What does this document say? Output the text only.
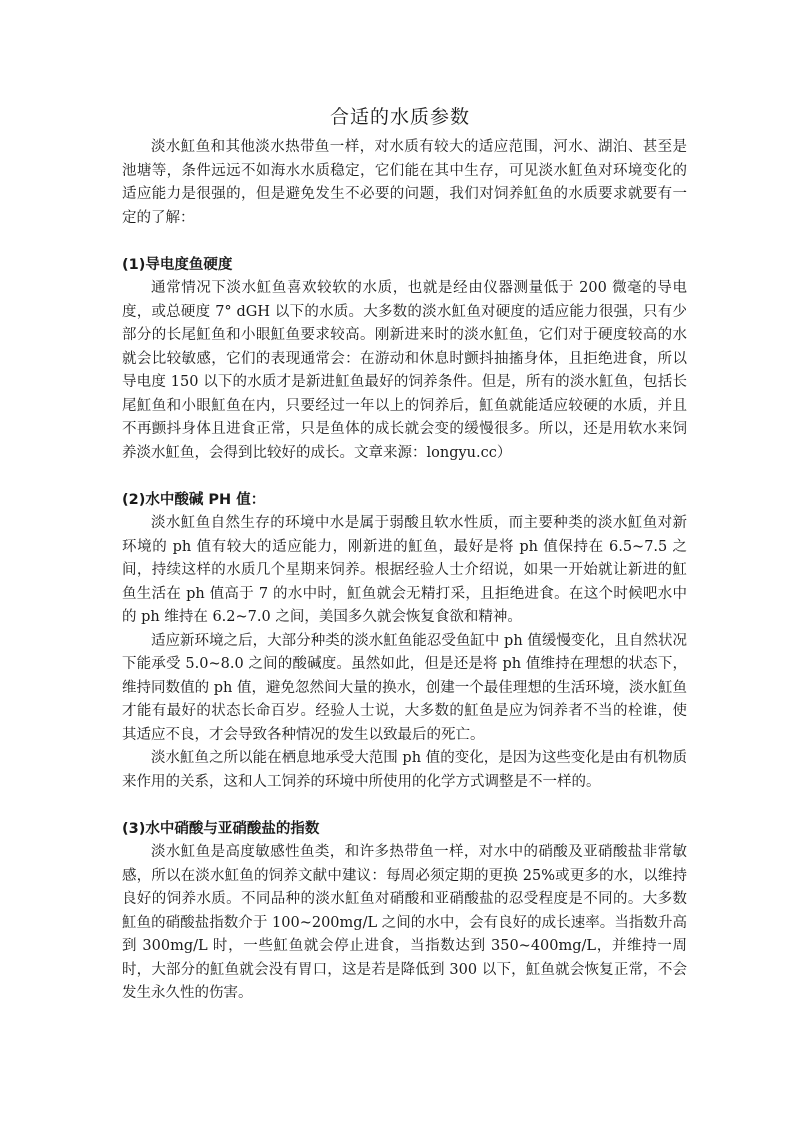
合适的水质参数

淡水魟鱼和其他淡水热带鱼一样，对水质有较大的适应范围，河水、湖泊、甚至是池塘等，条件远远不如海水水质稳定，它们能在其中生存，可见淡水魟鱼对环境变化的适应能力是很强的，但是避免发生不必要的问题，我们对饲养魟鱼的水质要求就要有一定的了解：

(1)导电度鱼硬度

通常情况下淡水魟鱼喜欢较软的水质，也就是经由仪器测量低于 200 微毫的导电度，或总硬度 7° dGH 以下的水质。大多数的淡水魟鱼对硬度的适应能力很强，只有少部分的长尾魟鱼和小眼魟鱼要求较高。刚新进来时的淡水魟鱼，它们对于硬度较高的水就会比较敏感，它们的表现通常会：在游动和休息时颤抖抽搐身体，且拒绝进食，所以导电度 150 以下的水质才是新进魟鱼最好的饲养条件。但是，所有的淡水魟鱼，包括长尾魟鱼和小眼魟鱼在内，只要经过一年以上的饲养后，魟鱼就能适应较硬的水质，并且不再颤抖身体且进食正常，只是鱼体的成长就会变的缓慢很多。所以，还是用软水来饲养淡水魟鱼，会得到比较好的成长。文章来源：longyu.cc）

(2)水中酸碱 PH 值：

淡水魟鱼自然生存的环境中水是属于弱酸且软水性质，而主要种类的淡水魟鱼对新环境的 ph 值有较大的适应能力，刚新进的魟鱼，最好是将 ph 值保持在 6.5~7.5 之间，持续这样的水质几个星期来饲养。根据经验人士介绍说，如果一开始就让新进的魟鱼生活在 ph 值高于 7 的水中时，魟鱼就会无精打采，且拒绝进食。在这个时候吧水中的 ph 维持在 6.2~7.0 之间，美国多久就会恢复食欲和精神。

适应新环境之后，大部分种类的淡水魟鱼能忍受鱼缸中 ph 值缓慢变化，且自然状况下能承受 5.0~8.0 之间的酸碱度。虽然如此，但是还是将 ph 值维持在理想的状态下，维持同数值的 ph 值，避免忽然间大量的换水，创建一个最佳理想的生活环境，淡水魟鱼才能有最好的状态长命百岁。经验人士说，大多数的魟鱼是应为饲养者不当的栓谁，使其适应不良，才会导致各种情况的发生以致最后的死亡。

淡水魟鱼之所以能在栖息地承受大范围 ph 值的变化，是因为这些变化是由有机物质来作用的关系，这和人工饲养的环境中所使用的化学方式调整是不一样的。

(3)水中硝酸与亚硝酸盐的指数

淡水魟鱼是高度敏感性鱼类，和许多热带鱼一样，对水中的硝酸及亚硝酸盐非常敏感，所以在淡水魟鱼的饲养文献中建议：每周必须定期的更换 25%或更多的水，以维持良好的饲养水质。不同品种的淡水魟鱼对硝酸和亚硝酸盐的忍受程度是不同的。大多数魟鱼的硝酸盐指数介于 100~200mg/L 之间的水中，会有良好的成长速率。当指数升高到 300mg/L 时，一些魟鱼就会停止进食，当指数达到 350~400mg/L，并维持一周时，大部分的魟鱼就会没有胃口，这是若是降低到 300 以下，魟鱼就会恢复正常，不会发生永久性的伤害。
